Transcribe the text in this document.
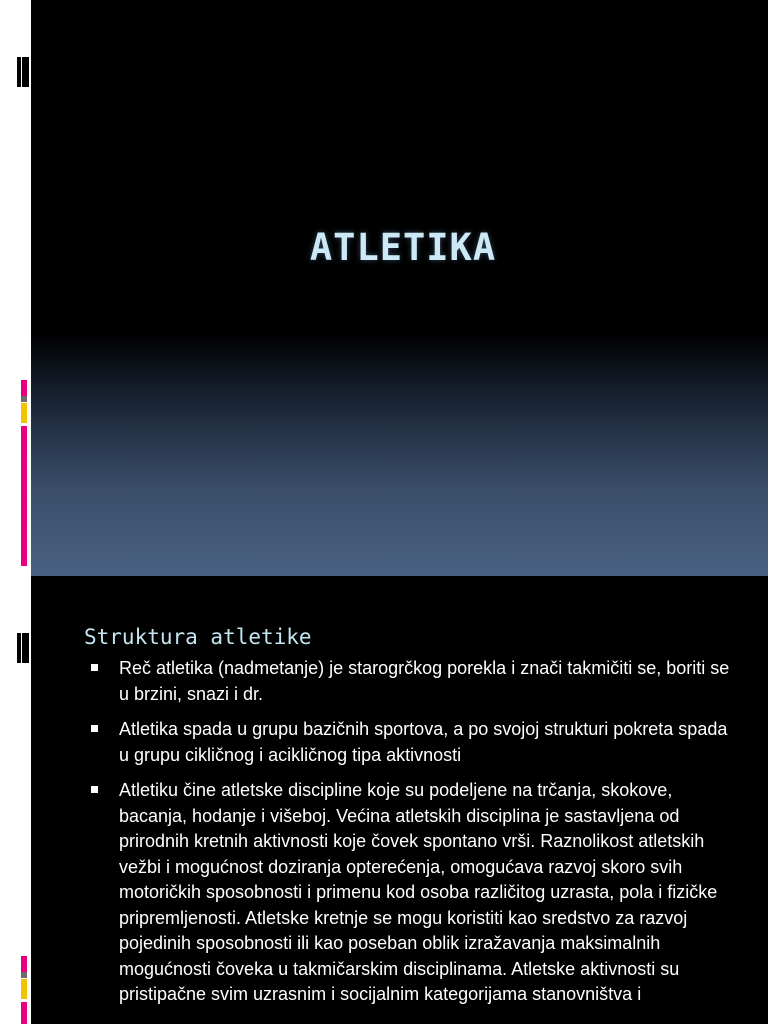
ATLETIKA
Struktura atletike
Reč atletika (nadmetanje) je starogrčkog porekla i znači takmičiti se, boriti se u brzini, snazi i dr.
Atletika spada u grupu bazičnih sportova, a po svojoj strukturi pokreta spada u grupu cikličnog i acikličnog tipa aktivnosti
Atletiku čine atletske discipline koje su podeljene na trčanja, skokove, bacanja, hodanje i višeboj. Većina atletskih disciplina je sastavljena od prirodnih kretnih aktivnosti koje čovek spontano vrši. Raznolikost atletskih vežbi i mogućnost doziranja opterećenja, omogućava razvoj skoro svih motoričkih sposobnosti i primenu kod osoba različitog uzrasta, pola i fizičke pripremljenosti. Atletske kretnje se mogu koristiti kao sredstvo za razvoj pojedinih sposobnosti ili kao poseban oblik izražavanja maksimalnih mogućnosti čoveka u takmičarskim disciplinama. Atletske aktivnosti su pristipačne svim uzrasnim i socijalnim kategorijama stanovništva i
